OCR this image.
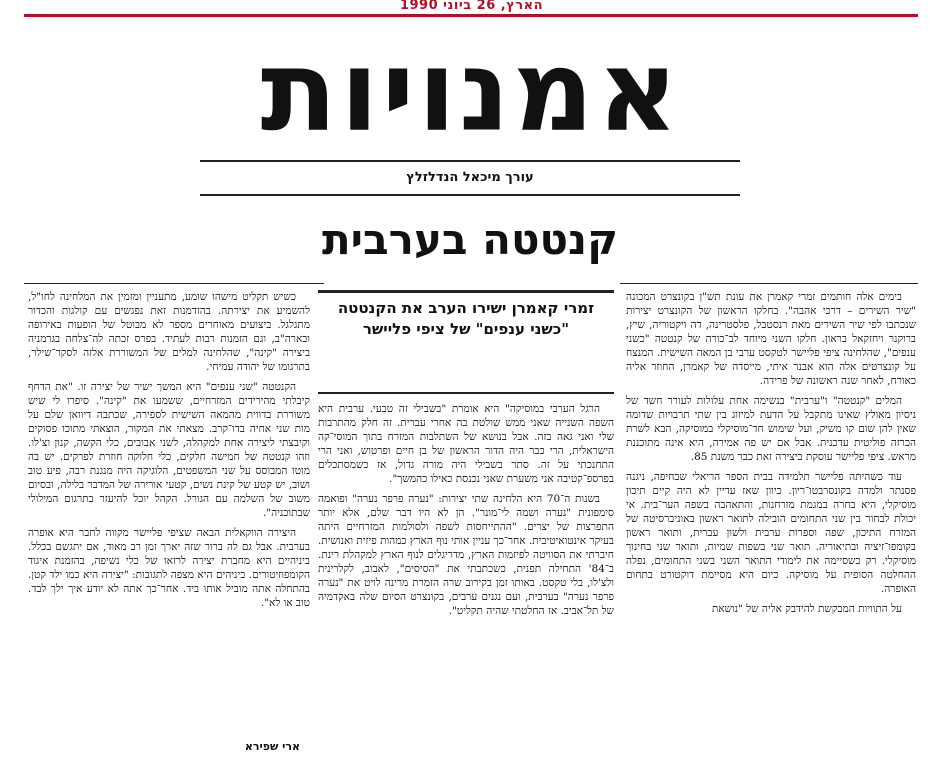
הארץ, 26 ביוני 1990
אמנויות
עורך מיכאל הנדלזלץ
קנטטה בערבית

בימים אלה חותמים זמרי קאמרן את עונת תש"ן בקונצרט המכונה "שיר השירים – דרכי אהבה". בחלקו הראשון של הקונצרט יצירות שנכתבו לפי שיר השירים מאת רנסטבל, פלסטרינה, דה ויקטוריה, שיץ, ברוקנר ויחזקאל בראון. חלקו השני מיוחד לב־כורה של קנטטה "כשני ענפים", שהלחינה ציפי פליישר לטקסט ערבי בן המאה השישית. המנצח על קונצרטים אלה הוא אבנר איתי, מייסדה של קאמרן, החוזר אליה כאורח, לאחר שנה ראשונה של פרידה.

המלים "קנטטה" ו"ערבית" בנשימה אחת עלולות לעורר חשד של ניסיון מאולץ שאינו מתקבל על הדעת למיזוג בין שתי תרבויות שדומה שאין להן שום קו משיק, ועל שימוש חד־מוסיקלי במוסיקה, הבא לשרת הכרזה פוליטית עדכנית. אבל אם יש פה אמירה, היא אינה מתוכננת מראש. ציפי פליישר עוסקת ביצירה זאת כבר משנת 85.

עוד כשהיתה פליישר תלמידה בבית הספר הריאלי שבחיפה, ניגנה פסנתר ולמדה בקונסרבטו־ריון. כיוון שאז עדיין לא היה קיים תיכון מוסיקלי, היא בחרה במגמת מזרחנות, והתאהבה בשפה הער־בית. אי יכולת לבחור בין שני התחומים הובילה לתואר ראשון באוניברסיטה של המזרח התיכון, שפה וספרות ערבית ולשון עברית, ותואר ראשון בקומפו־זיציה ובתיאוריה. תואר שני בשפות שמיות, ותואר שני בחינוך מוסיקלי. רק כשסיימה את לימודי התואר השני בשני התחומים, נפלה ההחלטה הסופית על מוסיקה. כיום היא מסיימת דוקטורט בתחום האופרה.

על התוויות המבקשת להידבק אליה של "נושאת

זמרי קאמרן ישירו הערב את הקנטטה "כשני ענפים" של ציפי פליישר

הרגל הערבי במוסיקה" היא אומרת "בשבילי זה טבעי. ערבית היא השפה השנייה שאני ממש שולטת בה אחרי עברית. זה חלק מהתרבות שלי ואני גאה בזה. אבל בנושא של השתלבות המזרח בתוך המוסי־קה הישראלית, הרי כבר היה הדור הראשון של בן חיים ופרטוש, ואני הרי התחנכתי על זה. סתר בשבילי היה מורה גדול, אז כשמסתכלים בפרספ־קטיבה אני משערת שאני נכנסת כאילו כהמשך".

בשנות ה־70 היא הלחינה שתי יצירות: "נערה פרפר נערה" ופואמה סימפונית "נערה ושמה לי־מונר". הן לא היו דבר שלם, אלא יותר התפרצות של יצרים. "ההתייחסות לשפה ולסולמות המזרחיים היתה בעיקר אינטואיטיבית. אחר־כך עניין אותי נוף הארץ כמהות פיזית ואנושית. חיברתי את הסוויטה לפיזמות הארץ, מדריגלים לנוף הארץ למקהלת רינת. ב־84' התחילה תפנית, כשכתבתי את "הסיסים", לאבוב, לקלרינית ולצ'לו, בלי טקסט. באותו זמן בקירוב שרה הזמרת מרינה לויט את "נערה פרפר נערה" בערבית, ועם נגנים ערבים, בקונצרט הסיום שלה באקדמיה של תל־אביב. אז החלטתי שהיה תקליט".

כשיש תקליט מישהו שומע, מתעניין ומזמין את המלחינה לחו"ל, להשמיע את יצירתה. בהזדמנות זאת נפגשים עם קולגות והכדור מתגלגל. ביצועים מאוחרים מספר לא מבוטל של הופעות באירופה ובארה"ב, וגם הזמנות רבות לעתיד. בפרס זכתה לה־צלחה בגרמניה ביצירה "קינה", שהלחינה למלים של המשוררת אלזה לסקר־שילר, בתרגומו של יהודה עמיחי.

הקנטטה "שני ענפים" היא המשך ישיר של יצירה זו. "את הדחף קיבלתי מהירידים המזרחיים, ששמעו את "קינה". סיפרו לי שיש משוררת בדווית מהמאה השישית לספירה, שכתבה דיוואן שלם על מות שני אחיה בדו־קרב. מצאתי את המקור, הוצאתי מתוכו פסוקים וקיבצתי ליצירה אחת למקהלה, לשני אבובים, כלי הקשה, קנון וצ'לו. וזהו קנטטה של חמישה חלקים, כלי חלוקה חוזרת לפרקים. יש בה מוטו המבוסס על שני המשפטים, הלוגיקה היה מנגנת רבה, פיע טוב ושוב, יש קטע של קינת נשים, קטעי אורירה של המדבר בלילה, ובסיום משוב של השלמה עם הגורל. הקהל יוכל להיעזר בתרגום המילולי שבתוכניה".

היצירה הווקאלית הבאה שציפי פליישר מקווה לחבר היא אופרה בערבית. אבל גם לה ברור שזה יארך זמן רב מאוד, אם יתגשם בכלל. ביניהיים היא מחברת יצירה לרזאו של כלי נשיפה, בהזמנת איגוד הקומפוזיטורים. ביניהים היא מצפה לתגובות: "יצירה היא כמו ילד קטן. בהתחלה אתה מוביל אותו ביד. אחר־כך אתה לא יודע איך ילך לבד. טוב או לא".

ארי שפירא
